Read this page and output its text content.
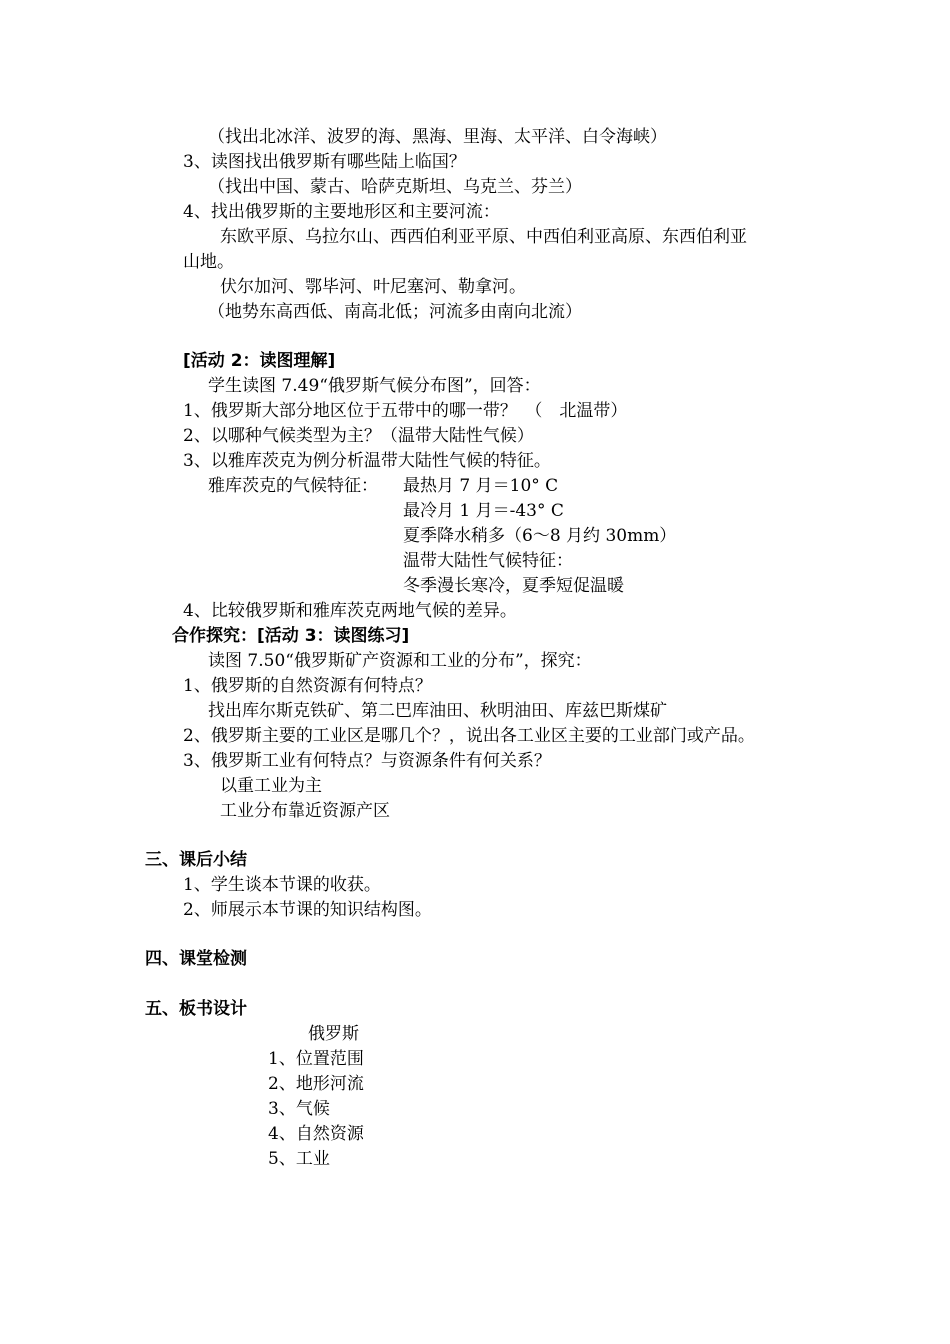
（找出北冰洋、波罗的海、黑海、里海、太平洋、白令海峡）
3、读图找出俄罗斯有哪些陆上临国？
（找出中国、蒙古、哈萨克斯坦、乌克兰、芬兰）
4、找出俄罗斯的主要地形区和主要河流：
东欧平原、乌拉尔山、西西伯利亚平原、中西伯利亚高原、东西伯利亚
山地。
伏尔加河、鄂毕河、叶尼塞河、勒拿河。
（地势东高西低、南高北低；河流多由南向北流）
[活动 2：读图理解]
学生读图 7.49“俄罗斯气候分布图”，回答：
1、俄罗斯大部分地区位于五带中的哪一带？　（　北温带）
2、以哪种气候类型为主？（温带大陆性气候）
3、以雅库茨克为例分析温带大陆性气候的特征。
雅库茨克的气候特征： 最热月 7 月＝10° C
最冷月 1 月＝-43° C
夏季降水稍多（6～8 月约 30mm）
温带大陆性气候特征：
冬季漫长寒冷，夏季短促温暖
4、比较俄罗斯和雅库茨克两地气候的差异。
合作探究：[活动 3：读图练习]
读图 7.50“俄罗斯矿产资源和工业的分布”，探究：
1、俄罗斯的自然资源有何特点？
找出库尔斯克铁矿、第二巴库油田、秋明油田、库兹巴斯煤矿
2、俄罗斯主要的工业区是哪几个？，说出各工业区主要的工业部门或产品。
3、俄罗斯工业有何特点？与资源条件有何关系？
以重工业为主
工业分布靠近资源产区
三、课后小结
1、学生谈本节课的收获。
2、师展示本节课的知识结构图。
四、课堂检测
五、板书设计
俄罗斯
1、位置范围
2、地形河流
3、气候
4、自然资源
5、工业
